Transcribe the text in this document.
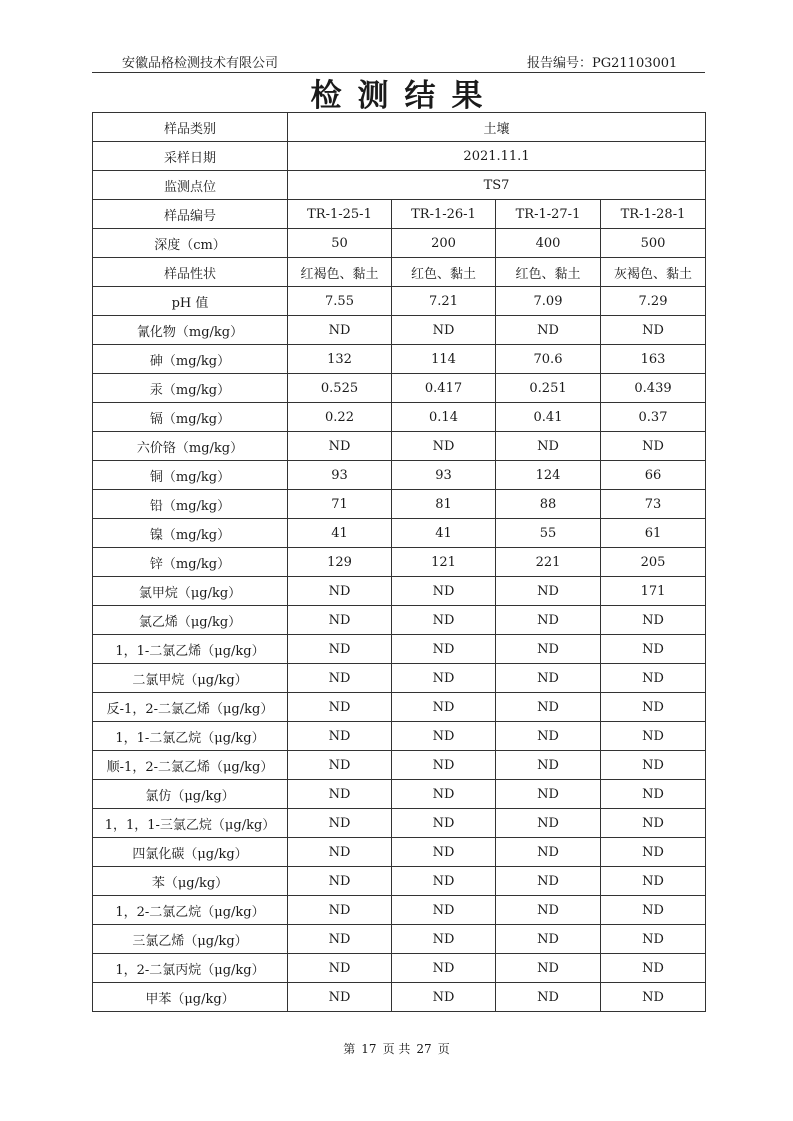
安徽品格检测技术有限公司	报告编号：PG21103001
检测结果
样品类别	土壤			
采样日期	2021.11.1			
监测点位	TS7			
样品编号	TR-1-25-1	TR-1-26-1	TR-1-27-1	TR-1-28-1
深度（cm）	50	200	400	500
样品性状	红褐色、黏土	红色、黏土	红色、黏土	灰褐色、黏土
pH 值	7.55	7.21	7.09	7.29
氰化物（mg/kg）	ND	ND	ND	ND
砷（mg/kg）	132	114	70.6	163
汞（mg/kg）	0.525	0.417	0.251	0.439
镉（mg/kg）	0.22	0.14	0.41	0.37
六价铬（mg/kg）	ND	ND	ND	ND
铜（mg/kg）	93	93	124	66
铅（mg/kg）	71	81	88	73
镍（mg/kg）	41	41	55	61
锌（mg/kg）	129	121	221	205
氯甲烷（μg/kg）	ND	ND	ND	171
氯乙烯（μg/kg）	ND	ND	ND	ND
1，1-二氯乙烯（μg/kg）	ND	ND	ND	ND
二氯甲烷（μg/kg）	ND	ND	ND	ND
反-1，2-二氯乙烯（μg/kg）	ND	ND	ND	ND
1，1-二氯乙烷（μg/kg）	ND	ND	ND	ND
顺-1，2-二氯乙烯（μg/kg）	ND	ND	ND	ND
氯仿（μg/kg）	ND	ND	ND	ND
1，1，1-三氯乙烷（μg/kg）	ND	ND	ND	ND
四氯化碳（μg/kg）	ND	ND	ND	ND
苯（μg/kg）	ND	ND	ND	ND
1，2-二氯乙烷（μg/kg）	ND	ND	ND	ND
三氯乙烯（μg/kg）	ND	ND	ND	ND
1，2-二氯丙烷（μg/kg）	ND	ND	ND	ND
甲苯（μg/kg）	ND	ND	ND	ND
第 17 页 共 27 页
